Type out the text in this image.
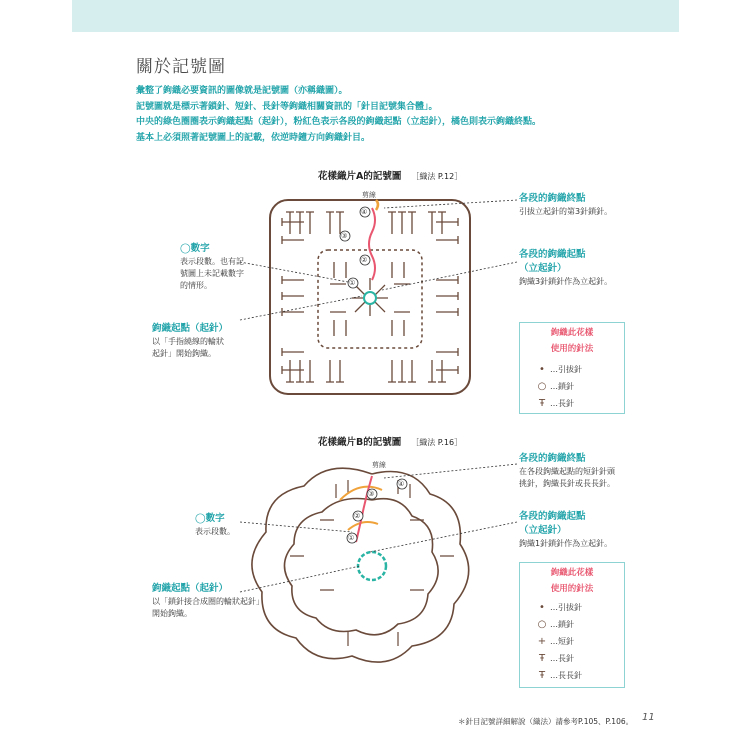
關於記號圖
彙整了鉤織必要資訊的圖像就是記號圖（亦稱織圖）。
記號圖就是標示著鎖針、短針、長針等鉤織相關資訊的「針目記號集合體」。
中央的綠色圈圈表示鉤織起點（起針），粉紅色表示各段的鉤織起點（立起針），橘色則表示鉤織終點。
基本上必須照著記號圖上的記載，依逆時鐘方向鉤織針目。
花樣織片A的記號圖 ［織法 P.12］
④
③
②
①
剪線
◯數字
表示段數。也有記
號圖上未記載數字
的情形。
鉤織起點（起針）
以「手指繞線的輪狀
起針」開始鉤織。
各段的鉤織終點
引拔立起針的第3針鎖針。
各段的鉤織起點
（立起針）
鉤織3針鎖針作為立起針。
鉤織此花樣
使用的針法
• …引拔針
○ …鎖針
Ŧ …長針
花樣織片B的記號圖 ［織法 P.16］
④
③
②
①
剪線
◯數字
表示段數。
鉤織起點（起針）
以「鎖針接合成圈的輪狀起針」
開始鉤織。
各段的鉤織終點
在各段鉤織起點的短針針頭
挑針，鉤織長針或長長針。
各段的鉤織起點
（立起針）
鉤織1針鎖針作為立起針。
鉤織此花樣
使用的針法
• …引拔針
○ …鎖針
+ …短針
Ŧ …長針
Ŧ …長長針
＊針目記號詳細解說（織法）請參考P.105、P.106。 11
